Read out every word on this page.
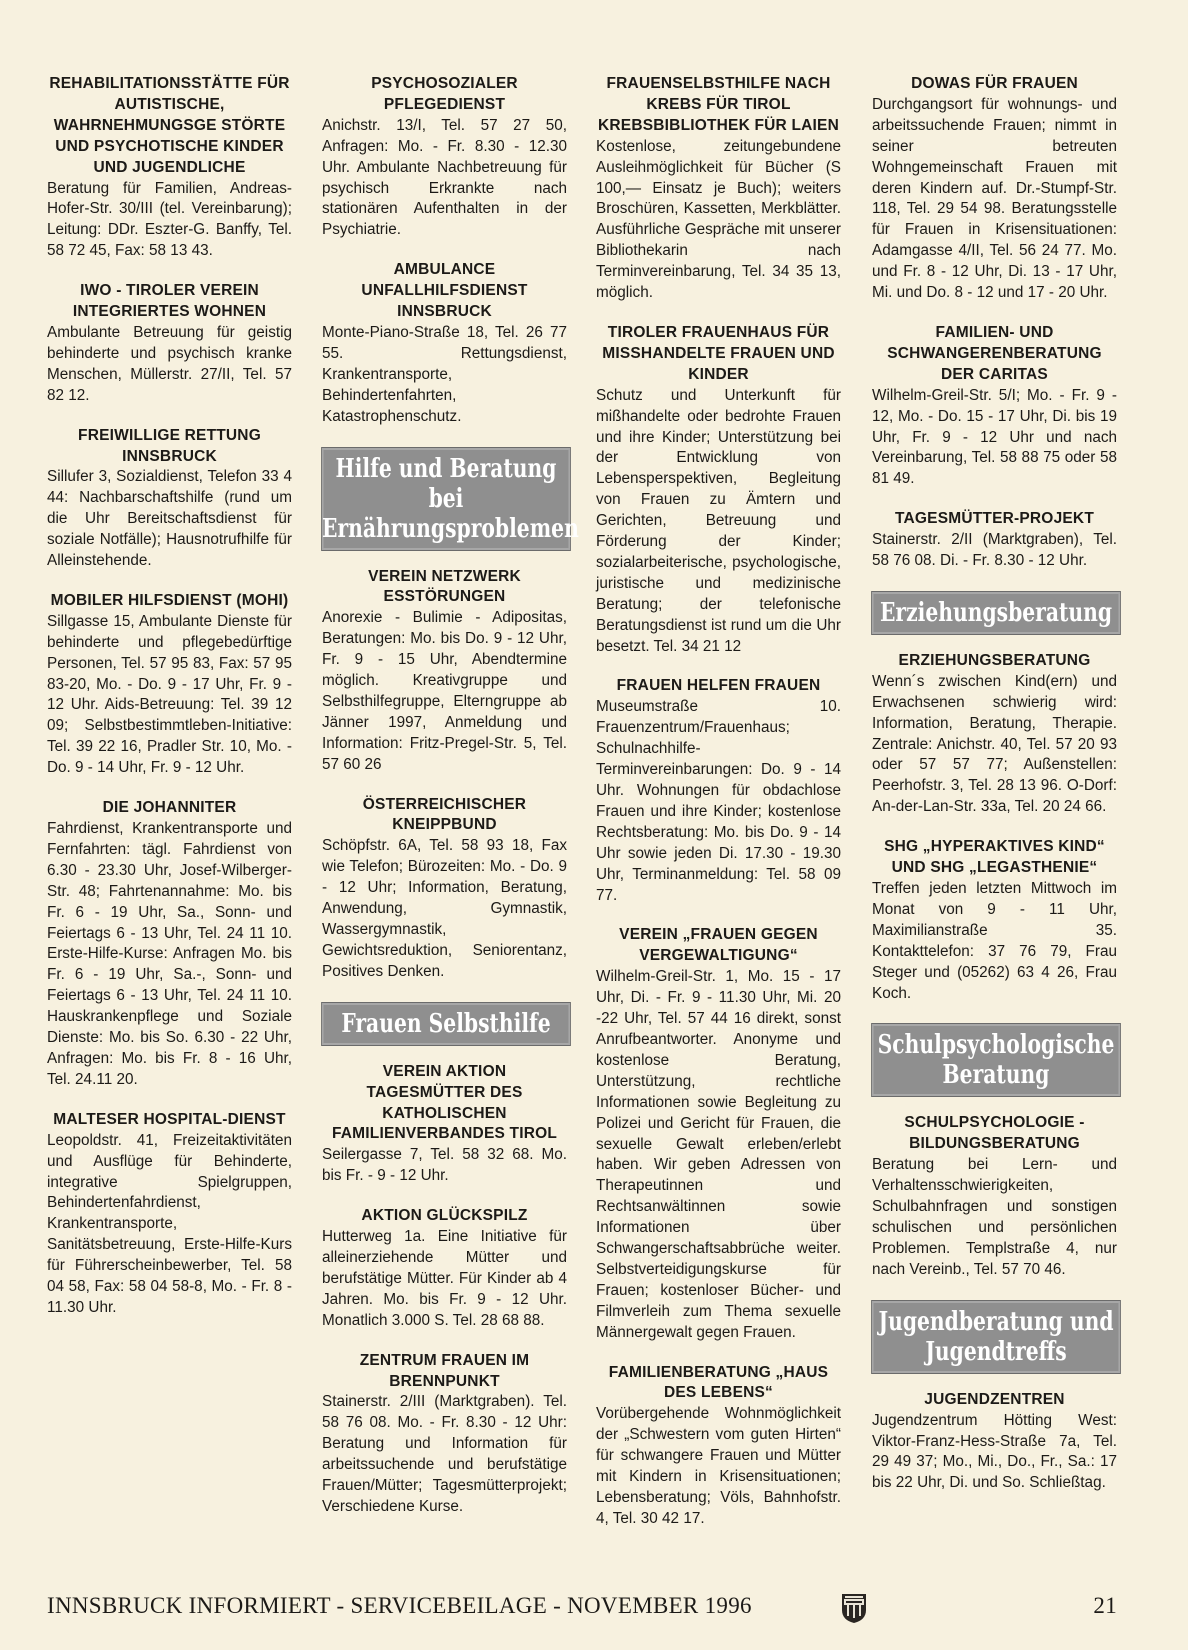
REHABILITATIONSSTÄTTE FÜR AUTISTISCHE, WAHRNEHMUNGSGE STÖRTE UND PSYCHOTISCHE KINDER UND JUGENDLICHE
Beratung für Familien, Andreas-Hofer-Str. 30/III (tel. Vereinbarung); Leitung: DDr. Eszter-G. Banffy, Tel. 58 72 45, Fax: 58 13 43.
IWO - TIROLER VEREIN INTEGRIERTES WOHNEN
Ambulante Betreuung für geistig behinderte und psychisch kranke Menschen, Müllerstr. 27/II, Tel. 57 82 12.
FREIWILLIGE RETTUNG INNSBRUCK
Sillufer 3, Sozialdienst, Telefon 33 4 44: Nachbarschaftshilfe (rund um die Uhr Bereitschaftsdienst für soziale Notfälle); Hausnotrufhilfe für Alleinstehende.
MOBILER HILFSDIENST (MOHI)
Sillgasse 15, Ambulante Dienste für behinderte und pflegebedürftige Personen, Tel. 57 95 83, Fax: 57 95 83-20, Mo. - Do. 9 - 17 Uhr, Fr. 9 - 12 Uhr. Aids-Betreuung: Tel. 39 12 09; Selbstbestimmtleben-Initiative: Tel. 39 22 16, Pradler Str. 10, Mo. - Do. 9 - 14 Uhr, Fr. 9 - 12 Uhr.
DIE JOHANNITER
Fahrdienst, Krankentransporte und Fernfahrten: tägl. Fahrdienst von 6.30 - 23.30 Uhr, Josef-Wilberger-Str. 48; Fahrtenannahme: Mo. bis Fr. 6 - 19 Uhr, Sa., Sonn- und Feiertags 6 - 13 Uhr, Tel. 24 11 10. Erste-Hilfe-Kurse: Anfragen Mo. bis Fr. 6 - 19 Uhr, Sa.-, Sonn- und Feiertags 6 - 13 Uhr, Tel. 24 11 10. Hauskrankenpflege und Soziale Dienste: Mo. bis So. 6.30 - 22 Uhr, Anfragen: Mo. bis Fr. 8 - 16 Uhr, Tel. 24.11 20.
MALTESER HOSPITAL-DIENST
Leopoldstr. 41, Freizeitaktivitäten und Ausflüge für Behinderte, integrative Spielgruppen, Behindertenfahrdienst, Krankentransporte, Sanitätsbetreuung, Erste-Hilfe-Kurs für Führerscheinbewerber, Tel. 58 04 58, Fax: 58 04 58-8, Mo. - Fr. 8 - 11.30 Uhr.
PSYCHOSOZIALER PFLEGEDIENST
Anichstr. 13/I, Tel. 57 27 50, Anfragen: Mo. - Fr. 8.30 - 12.30 Uhr. Ambulante Nachbetreuung für psychisch Erkrankte nach stationären Aufenthalten in der Psychiatrie.
AMBULANCE UNFALLHILFSDIENST INNSBRUCK
Monte-Piano-Straße 18, Tel. 26 77 55. Rettungsdienst, Krankentransporte, Behindertenfahrten, Katastrophenschutz.
Hilfe und Beratung bei Ernährungsproblemen
VEREIN NETZWERK ESSTÖRUNGEN
Anorexie - Bulimie - Adipositas, Beratungen: Mo. bis Do. 9 - 12 Uhr, Fr. 9 - 15 Uhr, Abendtermine möglich. Kreativgruppe und Selbsthilfegruppe, Elterngruppe ab Jänner 1997, Anmeldung und Information: Fritz-Pregel-Str. 5, Tel. 57 60 26
ÖSTERREICHISCHER KNEIPPBUND
Schöpfstr. 6A, Tel. 58 93 18, Fax wie Telefon; Bürozeiten: Mo. - Do. 9 - 12 Uhr; Information, Beratung, Anwendung, Gymnastik, Wassergymnastik, Gewichtsreduktion, Seniorentanz, Positives Denken.
Frauen Selbsthilfe
VEREIN AKTION TAGESMÜTTER DES KATHOLISCHEN FAMILIENVERBANDES TIROL
Seilergasse 7, Tel. 58 32 68. Mo. bis Fr. - 9 - 12 Uhr.
AKTION GLÜCKSPILZ
Hutterweg 1a. Eine Initiative für alleinerziehende Mütter und berufstätige Mütter. Für Kinder ab 4 Jahren. Mo. bis Fr. 9 - 12 Uhr. Monatlich 3.000 S. Tel. 28 68 88.
ZENTRUM FRAUEN IM BRENNPUNKT
Stainerstr. 2/III (Marktgraben). Tel. 58 76 08. Mo. - Fr. 8.30 - 12 Uhr: Beratung und Information für arbeitssuchende und berufstätige Frauen/Mütter; Tagesmütterprojekt; Verschiedene Kurse.
FRAUENSELBSTHILFE NACH KREBS FÜR TIROL KREBSBIBLIOTHEK FÜR LAIEN
Kostenlose, zeitungebundene Ausleihmöglichkeit für Bücher (S 100,— Einsatz je Buch); weiters Broschüren, Kassetten, Merkblätter. Ausführliche Gespräche mit unserer Bibliothekarin nach Terminvereinbarung, Tel. 34 35 13, möglich.
TIROLER FRAUENHAUS FÜR MISSHANDELTE FRAUEN UND KINDER
Schutz und Unterkunft für mißhandelte oder bedrohte Frauen und ihre Kinder; Unterstützung bei der Entwicklung von Lebensperspektiven, Begleitung von Frauen zu Ämtern und Gerichten, Betreuung und Förderung der Kinder; sozialarbeiterische, psychologische, juristische und medizinische Beratung; der telefonische Beratungsdienst ist rund um die Uhr besetzt. Tel. 34 21 12
FRAUEN HELFEN FRAUEN
Museumstraße 10. Frauenzentrum/Frauenhaus; Schulnachhilfe-Terminvereinbarungen: Do. 9 - 14 Uhr. Wohnungen für obdachlose Frauen und ihre Kinder; kostenlose Rechtsberatung: Mo. bis Do. 9 - 14 Uhr sowie jeden Di. 17.30 - 19.30 Uhr, Terminanmeldung: Tel. 58 09 77.
VEREIN „FRAUEN GEGEN VERGEWALTIGUNG“
Wilhelm-Greil-Str. 1, Mo. 15 - 17 Uhr, Di. - Fr. 9 - 11.30 Uhr, Mi. 20 -22 Uhr, Tel. 57 44 16 direkt, sonst Anrufbeantworter. Anonyme und kostenlose Beratung, Unterstützung, rechtliche Informationen sowie Begleitung zu Polizei und Gericht für Frauen, die sexuelle Gewalt erleben/erlebt haben. Wir geben Adressen von Therapeutinnen und Rechtsanwältinnen sowie Informationen über Schwangerschaftsabbrüche weiter. Selbstverteidigungskurse für Frauen; kostenloser Bücher- und Filmverleih zum Thema sexuelle Männergewalt gegen Frauen.
FAMILIENBERATUNG „HAUS DES LEBENS“
Vorübergehende Wohnmöglichkeit der „Schwestern vom guten Hirten“ für schwangere Frauen und Mütter mit Kindern in Krisensituationen; Lebensberatung; Völs, Bahnhofstr. 4, Tel. 30 42 17.
DOWAS FÜR FRAUEN
Durchgangsort für wohnungs- und arbeitssuchende Frauen; nimmt in seiner betreuten Wohngemeinschaft Frauen mit deren Kindern auf. Dr.-Stumpf-Str. 118, Tel. 29 54 98. Beratungsstelle für Frauen in Krisensituationen: Adamgasse 4/II, Tel. 56 24 77. Mo. und Fr. 8 - 12 Uhr, Di. 13 - 17 Uhr, Mi. und Do. 8 - 12 und 17 - 20 Uhr.
FAMILIEN- UND SCHWANGERENBERATUNG DER CARITAS
Wilhelm-Greil-Str. 5/I; Mo. - Fr. 9 - 12, Mo. - Do. 15 - 17 Uhr, Di. bis 19 Uhr, Fr. 9 - 12 Uhr und nach Vereinbarung, Tel. 58 88 75 oder 58 81 49.
TAGESMÜTTER-PROJEKT
Stainerstr. 2/II (Marktgraben), Tel. 58 76 08. Di. - Fr. 8.30 - 12 Uhr.
Erziehungsberatung
ERZIEHUNGSBERATUNG
Wenn´s zwischen Kind(ern) und Erwachsenen schwierig wird: Information, Beratung, Therapie. Zentrale: Anichstr. 40, Tel. 57 20 93 oder 57 57 77; Außenstellen: Peerhofstr. 3, Tel. 28 13 96. O-Dorf: An-der-Lan-Str. 33a, Tel. 20 24 66.
SHG „HYPERAKTIVES KIND“ UND SHG „LEGASTHENIE“
Treffen jeden letzten Mittwoch im Monat von 9 - 11 Uhr, Maximilianstraße 35. Kontakttelefon: 37 76 79, Frau Steger und (05262) 63 4 26, Frau Koch.
Schulpsychologische Beratung
SCHULPSYCHOLOGIE - BILDUNGSBERATUNG
Beratung bei Lern- und Verhaltensschwierigkeiten, Schulbahnfragen und sonstigen schulischen und persönlichen Problemen. Templstraße 4, nur nach Vereinb., Tel. 57 70 46.
Jugendberatung und Jugendtreffs
JUGENDZENTREN
Jugendzentrum Hötting West: Viktor-Franz-Hess-Straße 7a, Tel. 29 49 37; Mo., Mi., Do., Fr., Sa.: 17 bis 22 Uhr, Di. und So. Schließtag.
INNSBRUCK INFORMIERT - SERVICEBEILAGE - NOVEMBER 1996	21
